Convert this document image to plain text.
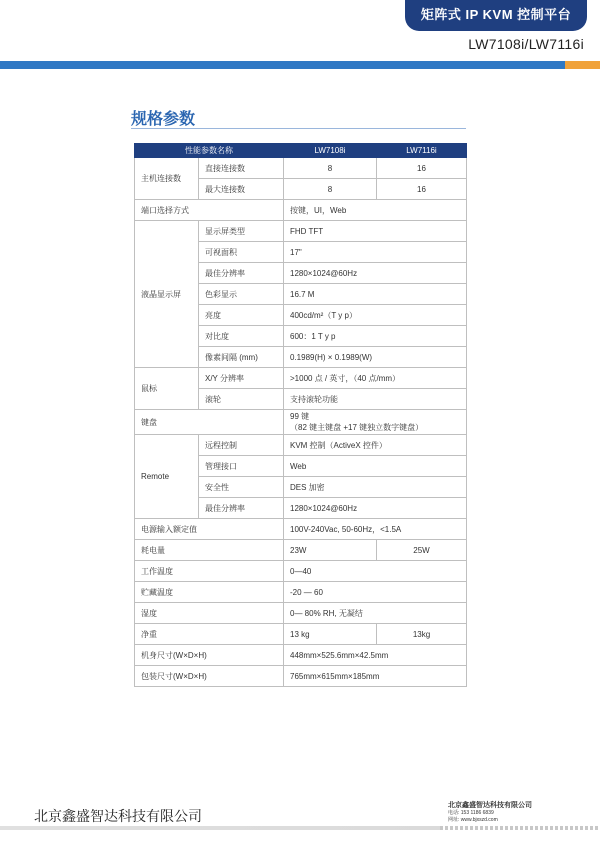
矩阵式 IP KVM 控制平台
LW7108i/LW7116i
规格参数
性能参数名称		LW7108i	LW7116i
主机连接数	直接连接数	8	16
	最大连接数	8	16
端口选择方式		按键，UI，Web	
液晶显示屏	显示屏类型	FHD TFT	
	可视面积	17"	
	最佳分辨率	1280×1024@60Hz	
	色彩显示	16.7 M	
	亮度	400cd/m²（T y p）	
	对比度	600：1 T y p	
	像素间隔 (mm)	0.1989(H) × 0.1989(W)	
鼠标	X/Y 分辨率	>1000 点 / 英寸，（40 点/mm）	
	滚轮	支持滚轮功能	
键盘		99 键
（82 键主键盘 +17 键独立数字键盘）	

Remote	远程控制	KVM 控制（ActiveX 控件）	
	管理接口	Web	
	安全性	DES 加密	
	最佳分辨率	1280×1024@60Hz	
电源输入额定值		100V-240Vac, 50-60Hz，<1.5A	
耗电量		23W	25W
工作温度		0—40	
贮藏温度		-20 — 60	
湿度		0— 80% RH, 无凝结	
净重		13 kg	13kg
机身尺寸(W×D×H)		448mm×525.6mm×42.5mm	
包装尺寸(W×D×H)		765mm×615mm×185mm	
北京鑫盛智达科技有限公司
北京鑫盛智达科技有限公司
电话: 153 1186 6839
网址: www.bjxszd.com
